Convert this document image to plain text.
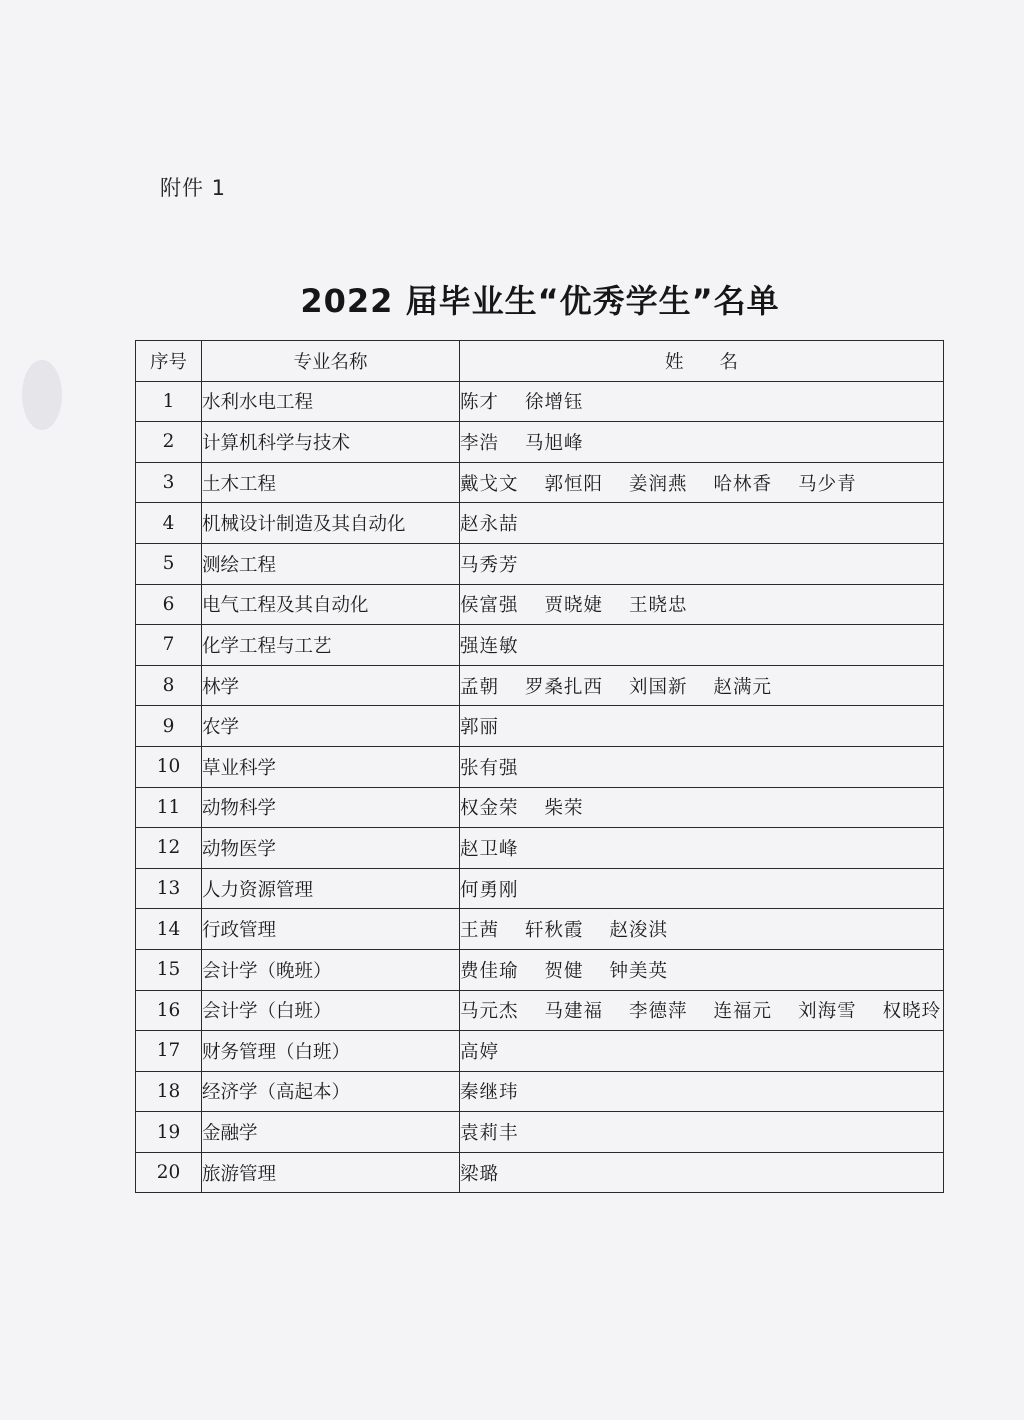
附件 1
2022 届毕业生“优秀学生”名单
序号	专业名称	姓 名
1	水利水电工程	陈才 徐增钰
2	计算机科学与技术	李浩 马旭峰
3	土木工程	戴戈文 郭恒阳 姜润燕 哈林香 马少青
4	机械设计制造及其自动化	赵永喆
5	测绘工程	马秀芳
6	电气工程及其自动化	侯富强 贾晓婕 王晓忠
7	化学工程与工艺	强连敏
8	林学	孟朝 罗桑扎西 刘国新 赵满元
9	农学	郭丽
10	草业科学	张有强
11	动物科学	权金荣 柴荣
12	动物医学	赵卫峰
13	人力资源管理	何勇刚
14	行政管理	王茜 轩秋霞 赵浚淇
15	会计学（晚班）	费佳瑜 贺健 钟美英
16	会计学（白班）	马元杰 马建福 李德萍 连福元 刘海雪 权晓玲
17	财务管理（白班）	高婷
18	经济学（高起本）	秦继玮
19	金融学	袁莉丰
20	旅游管理	梁璐
